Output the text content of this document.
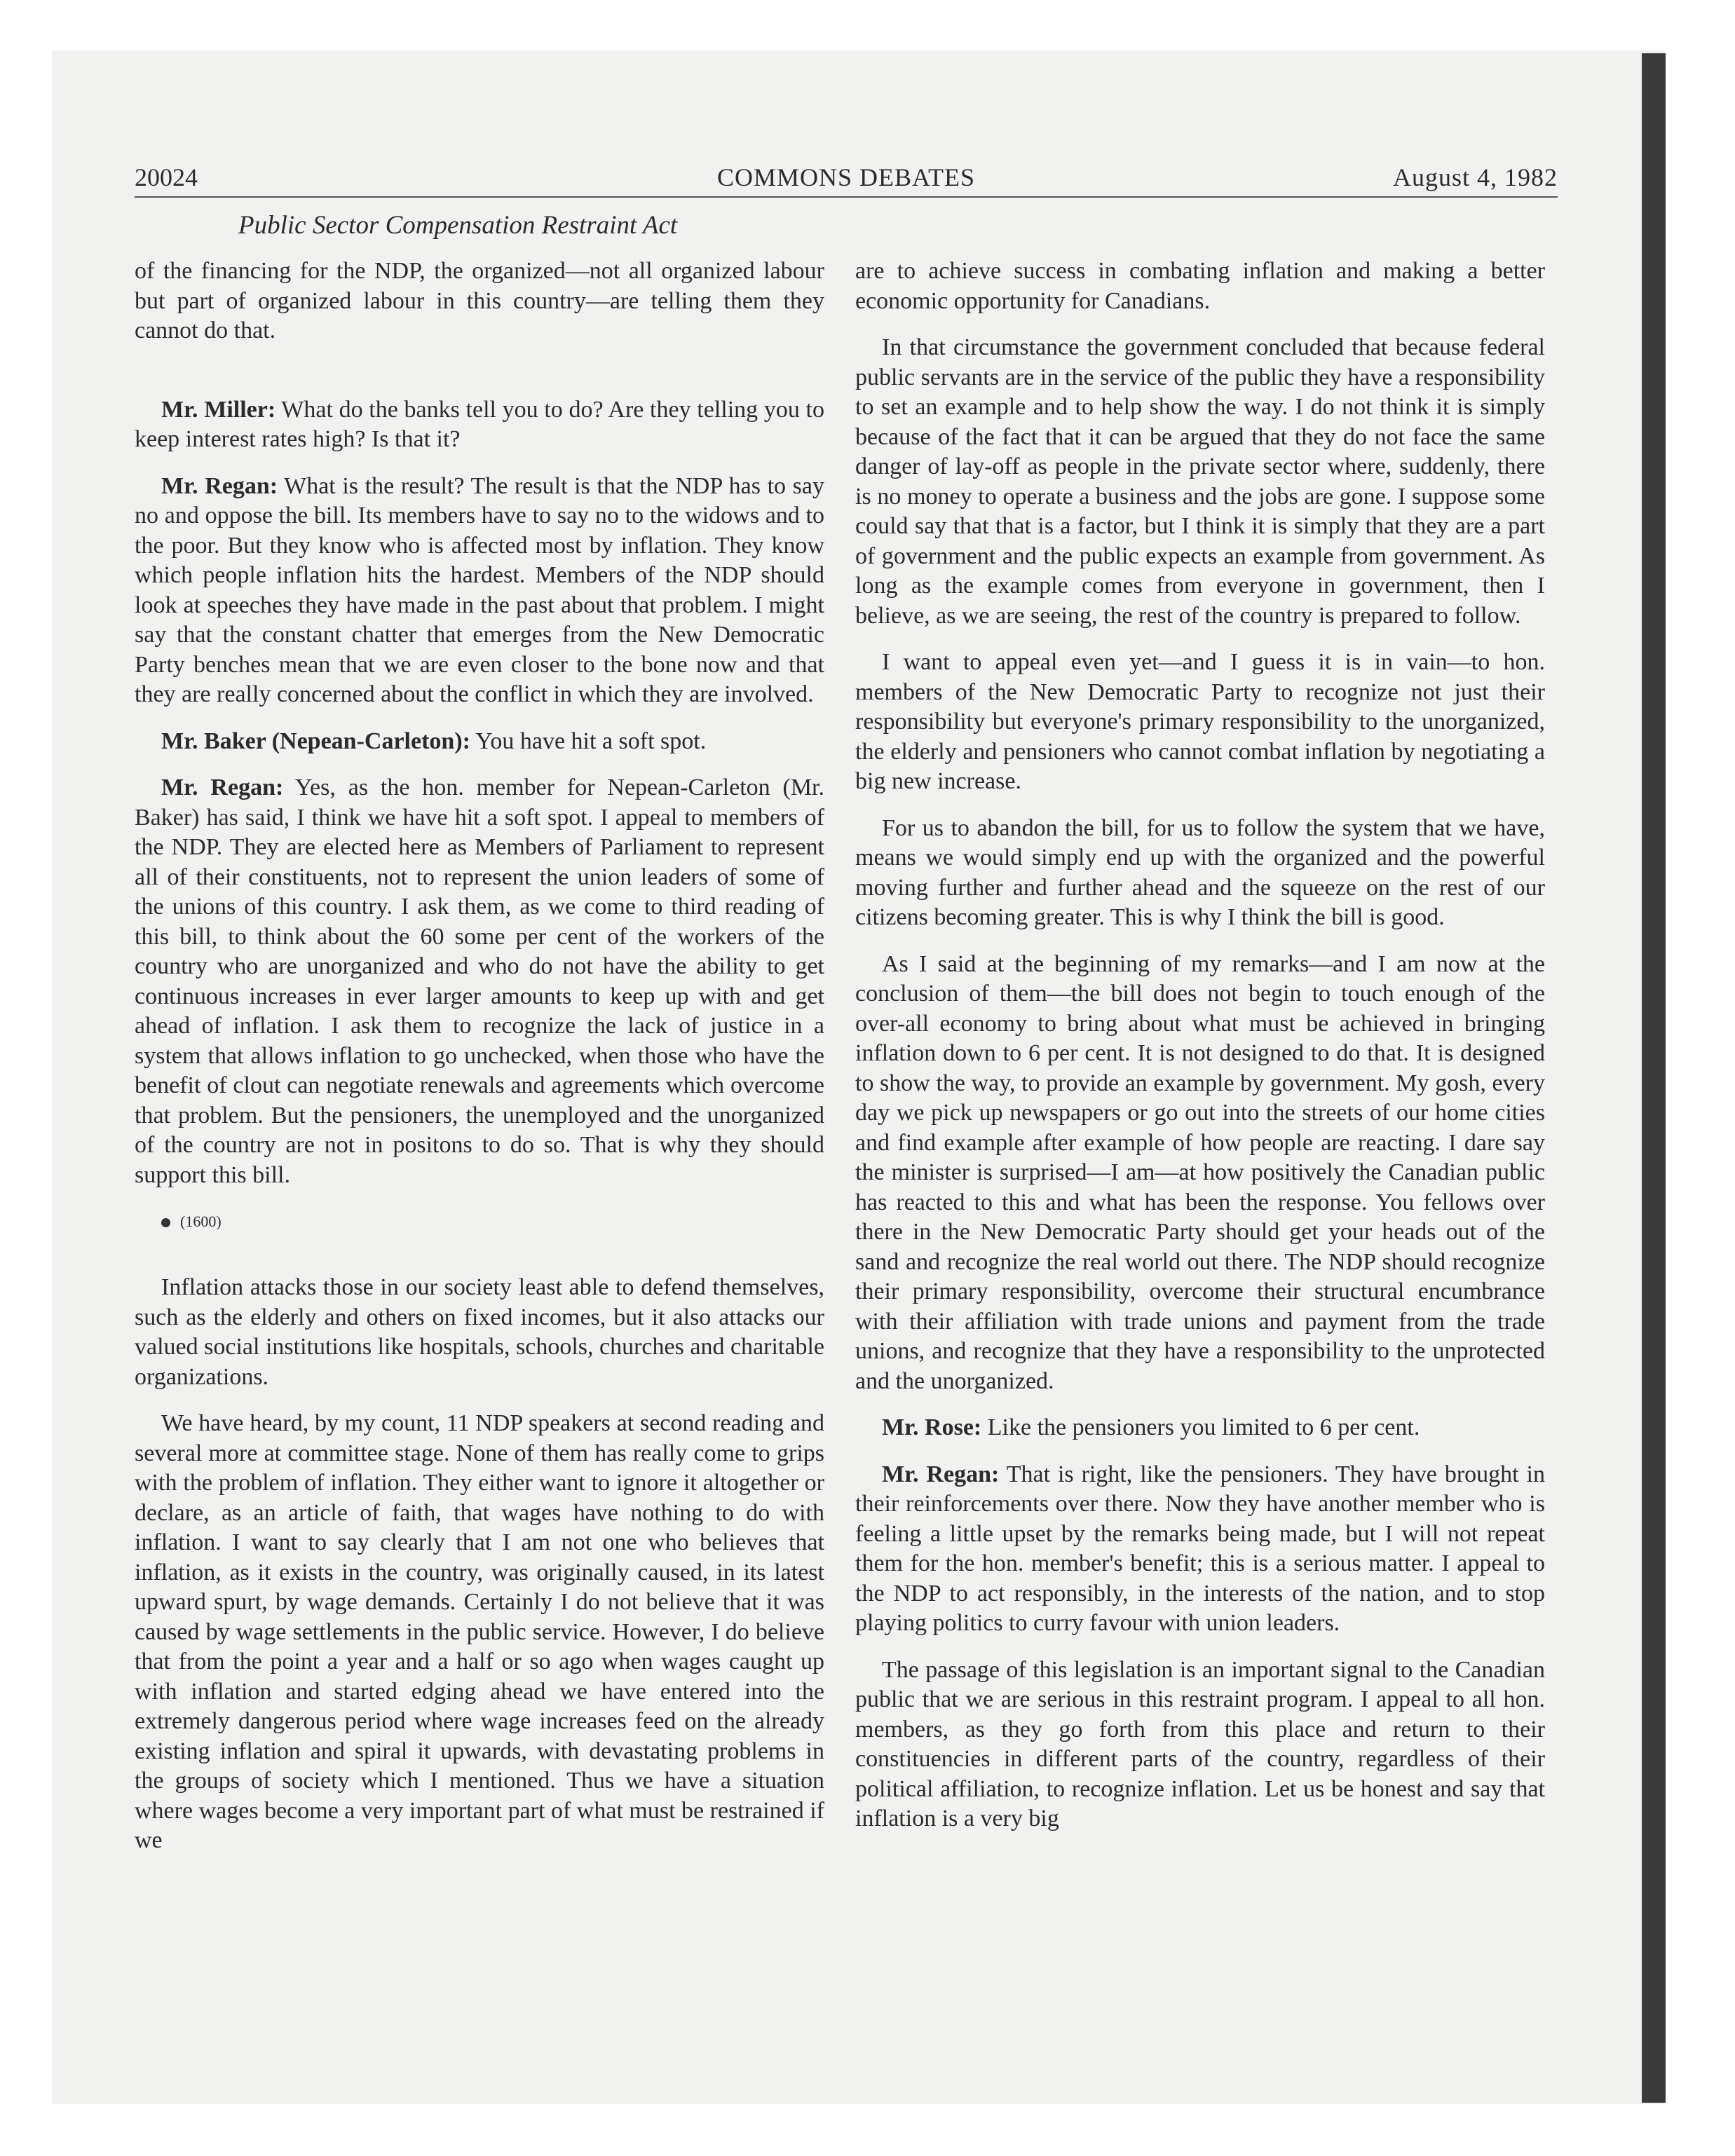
20024	COMMONS DEBATES	August 4, 1982
Public Sector Compensation Restraint Act

of the financing for the NDP, the organized—not all organized labour but part of organized labour in this country—are telling them they cannot do that.

Mr. Miller: What do the banks tell you to do? Are they telling you to keep interest rates high? Is that it?

Mr. Regan: What is the result? The result is that the NDP has to say no and oppose the bill. Its members have to say no to the widows and to the poor. But they know who is affected most by inflation. They know which people inflation hits the hardest. Members of the NDP should look at speeches they have made in the past about that problem. I might say that the constant chatter that emerges from the New Democratic Party benches mean that we are even closer to the bone now and that they are really concerned about the conflict in which they are involved.

Mr. Baker (Nepean-Carleton): You have hit a soft spot.

Mr. Regan: Yes, as the hon. member for Nepean-Carleton (Mr. Baker) has said, I think we have hit a soft spot. I appeal to members of the NDP. They are elected here as Members of Parliament to represent all of their constituents, not to represent the union leaders of some of the unions of this country. I ask them, as we come to third reading of this bill, to think about the 60 some per cent of the workers of the country who are unorganized and who do not have the ability to get continuous increases in ever larger amounts to keep up with and get ahead of inflation. I ask them to recognize the lack of justice in a system that allows inflation to go unchecked, when those who have the benefit of clout can negotiate renewals and agreements which overcome that problem. But the pensioners, the unemployed and the unorganized of the country are not in positons to do so. That is why they should support this bill.

(1600)

Inflation attacks those in our society least able to defend themselves, such as the elderly and others on fixed incomes, but it also attacks our valued social institutions like hospitals, schools, churches and charitable organizations.

We have heard, by my count, 11 NDP speakers at second reading and several more at committee stage. None of them has really come to grips with the problem of inflation. They either want to ignore it altogether or declare, as an article of faith, that wages have nothing to do with inflation. I want to say clearly that I am not one who believes that inflation, as it exists in the country, was originally caused, in its latest upward spurt, by wage demands. Certainly I do not believe that it was caused by wage settlements in the public service. However, I do believe that from the point a year and a half or so ago when wages caught up with inflation and started edging ahead we have entered into the extremely dangerous period where wage increases feed on the already existing inflation and spiral it upwards, with devastating problems in the groups of society which I mentioned. Thus we have a situation where wages become a very important part of what must be restrained if we

are to achieve success in combating inflation and making a better economic opportunity for Canadians.

In that circumstance the government concluded that because federal public servants are in the service of the public they have a responsibility to set an example and to help show the way. I do not think it is simply because of the fact that it can be argued that they do not face the same danger of lay-off as people in the private sector where, suddenly, there is no money to operate a business and the jobs are gone. I suppose some could say that that is a factor, but I think it is simply that they are a part of government and the public expects an example from government. As long as the example comes from everyone in government, then I believe, as we are seeing, the rest of the country is prepared to follow.

I want to appeal even yet—and I guess it is in vain—to hon. members of the New Democratic Party to recognize not just their responsibility but everyone's primary responsibility to the unorganized, the elderly and pensioners who cannot combat inflation by negotiating a big new increase.

For us to abandon the bill, for us to follow the system that we have, means we would simply end up with the organized and the powerful moving further and further ahead and the squeeze on the rest of our citizens becoming greater. This is why I think the bill is good.

As I said at the beginning of my remarks—and I am now at the conclusion of them—the bill does not begin to touch enough of the over-all economy to bring about what must be achieved in bringing inflation down to 6 per cent. It is not designed to do that. It is designed to show the way, to provide an example by government. My gosh, every day we pick up newspapers or go out into the streets of our home cities and find example after example of how people are reacting. I dare say the minister is surprised—I am—at how positively the Canadian public has reacted to this and what has been the response. You fellows over there in the New Democratic Party should get your heads out of the sand and recognize the real world out there. The NDP should recognize their primary responsibility, overcome their structural encumbrance with their affiliation with trade unions and payment from the trade unions, and recognize that they have a responsibility to the unprotected and the unorganized.

Mr. Rose: Like the pensioners you limited to 6 per cent.

Mr. Regan: That is right, like the pensioners. They have brought in their reinforcements over there. Now they have another member who is feeling a little upset by the remarks being made, but I will not repeat them for the hon. member's benefit; this is a serious matter. I appeal to the NDP to act responsibly, in the interests of the nation, and to stop playing politics to curry favour with union leaders.

The passage of this legislation is an important signal to the Canadian public that we are serious in this restraint program. I appeal to all hon. members, as they go forth from this place and return to their constituencies in different parts of the country, regardless of their political affiliation, to recognize inflation. Let us be honest and say that inflation is a very big
